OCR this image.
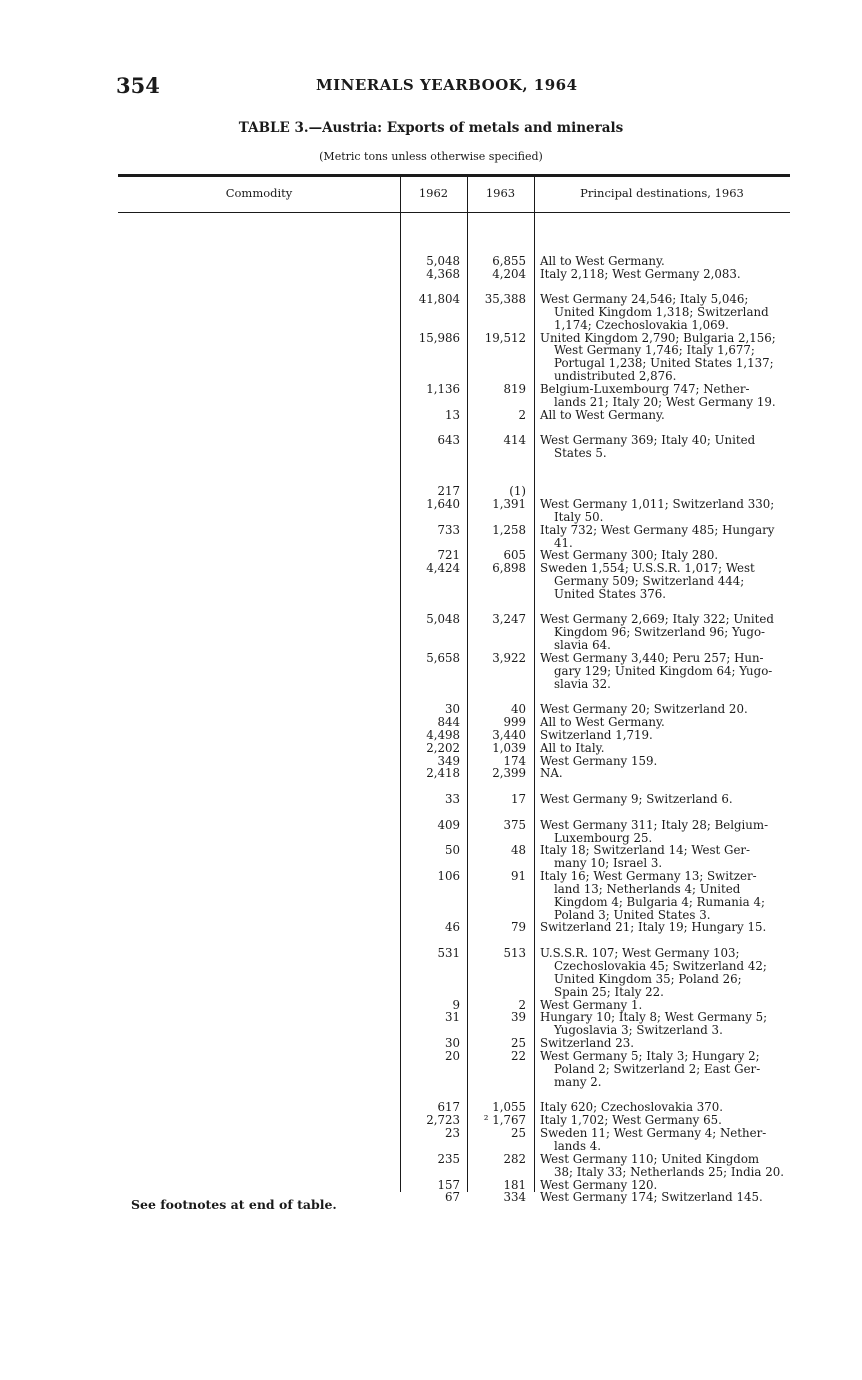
354	MINERALS YEARBOOK, 1964
TABLE 3.—Austria: Exports of metals and minerals
(Metric tons unless otherwise specified)
Commodity	1962	1963	Principal destinations, 1963
5,048	6,855 All to West Germany.
4,368	4,204 Italy 2,118; West Germany 2,083.
41,804	35,388 West Germany 24,546; Italy 5,046;
United Kingdom 1,318; Switzerland
1,174; Czechoslovakia 1,069.
15,986	19,512 United Kingdom 2,790; Bulgaria 2,156;
West Germany 1,746; Italy 1,677;
Portugal 1,238; United States 1,137;
undistributed 2,876.
1,136	819 Belgium-Luxembourg 747; Nether-
lands 21; Italy 20; West Germany 19.
13	2 All to West Germany.
643	414 West Germany 369; Italy 40; United
States 5.
217	(1)
1,640	1,391 West Germany 1,011; Switzerland 330;
Italy 50.
733	1,258 Italy 732; West Germany 485; Hungary
41.
721	605 West Germany 300; Italy 280.
4,424	6,898 Sweden 1,554; U.S.S.R. 1,017; West
Germany 509; Switzerland 444;
United States 376.
5,048	3,247 West Germany 2,669; Italy 322; United
Kingdom 96; Switzerland 96; Yugo-
slavia 64.
5,658	3,922 West Germany 3,440; Peru 257; Hun-
gary 129; United Kingdom 64; Yugo-
slavia 32.
30	40 West Germany 20; Switzerland 20.
844	999 All to West Germany.
4,498	3,440 Switzerland 1,719.
2,202	1,039 All to Italy.
349	174 West Germany 159.
2,418	2,399 NA.
33	17 West Germany 9; Switzerland 6.
409	375 West Germany 311; Italy 28; Belgium-
Luxembourg 25.
50	48 Italy 18; Switzerland 14; West Ger-
many 10; Israel 3.
106	91 Italy 16; West Germany 13; Switzer-
land 13; Netherlands 4; United
Kingdom 4; Bulgaria 4; Rumania 4;
Poland 3; United States 3.
46	79 Switzerland 21; Italy 19; Hungary 15.
531	513 U.S.S.R. 107; West Germany 103;
Czechoslovakia 45; Switzerland 42;
United Kingdom 35; Poland 26;
Spain 25; Italy 22.
9	2 West Germany 1.
31	39 Hungary 10; Italy 8; West Germany 5;
Yugoslavia 3; Switzerland 3.
30	25 Switzerland 23.
20	22 West Germany 5; Italy 3; Hungary 2;
Poland 2; Switzerland 2; East Ger-
many 2.
617	1,055 Italy 620; Czechoslovakia 370.
2,723	² 1,767 Italy 1,702; West Germany 65.
23	25 Sweden 11; West Germany 4; Nether-
lands 4.
235	282 West Germany 110; United Kingdom
38; Italy 33; Netherlands 25; India 20.
157	181 West Germany 120.
67	334 West Germany 174; Switzerland 145.
See footnotes at end of table.
